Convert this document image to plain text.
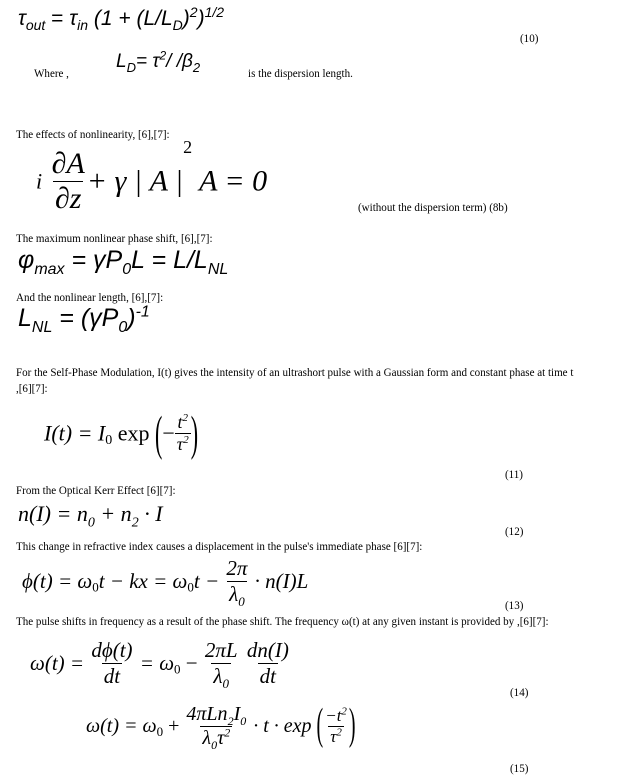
$\tau_{out} = \tau_{in}$ $(1 + (L/L_D)^2)^{1/2}$
(10)
Where ,
$L_D= \tau^2/$ $/\beta_2$	is the dispersion length.
The effects of nonlinearity, [6],[7]:
i $\frac{\partial A}{\partial z} + \gamma$ | A $|^2$ A = 0
(without the dispersion term) (8b)
The maximum nonlinear phase shift, [6],[7]:
$\varphi_{max} = \gamma P_0L = L/L_{NL}$
And the nonlinear length, [6],[7]:
$L_{NL} = (\gamma P_0)^{-1}$
For the Self-Phase Modulation, I(t) gives the intensity of an ultrashort pulse with a Gaussian form and constant phase at time t
,[6][7]:
$I(t) = I_0$ exp (− $\frac{t^2}{\tau^2}$ )
(11)
From the Optical Kerr Effect [6][7]:
$n(I) = n_0 + n_2 \cdot I$
(12)
This change in refractive index causes a displacement in the pulse's immediate phase [6][7]:
$\phi(t) = \omega_0t$ − kx = $\omega_0t - \frac{2\pi}{\lambda_0} \cdot n(I)L$
(13)
The pulse shifts in frequency as a result of the phase shift. The frequency ω(t) at any given instant is provided by ,[6][7]:
$\omega(t) = \frac{d\phi(t)}{dt} = \omega_0 - \frac{2\pi L}{\lambda_0}$
$\frac{dn(I)}{dt}$
(14)
$\omega(t) = \omega_0 + \frac{4\pi Ln_2I_0}{\lambda_0\tau^2} \cdot t \cdot \exp$ ( $\frac{-t^2}{\tau^2}$ )
(15)
